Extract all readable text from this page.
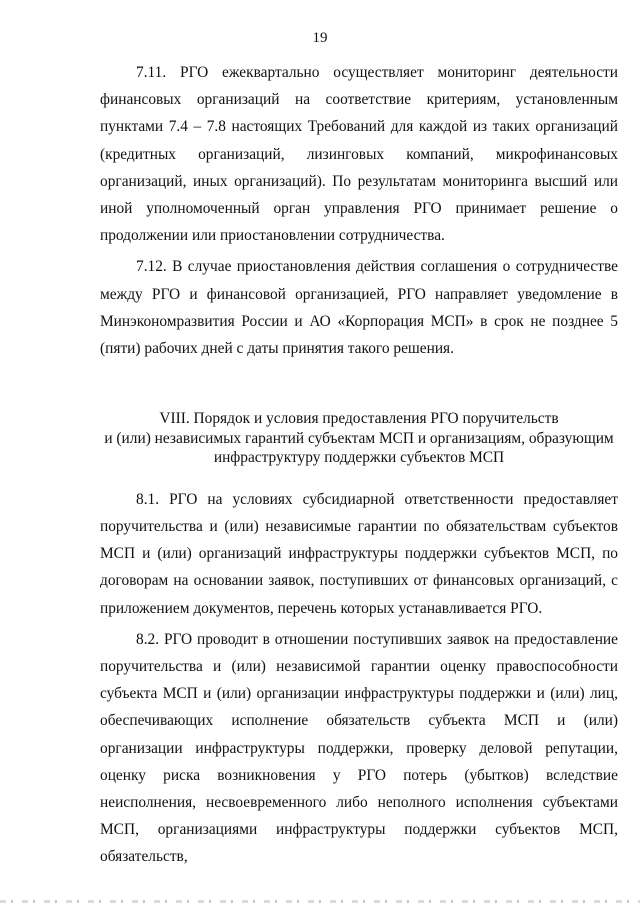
19

7.11. РГО ежеквартально осуществляет мониторинг деятельности финансовых организаций на соответствие критериям, установленным пунктами 7.4 – 7.8 настоящих Требований для каждой из таких организаций (кредитных организаций, лизинговых компаний, микрофинансовых организаций, иных организаций). По результатам мониторинга высший или иной уполномоченный орган управления РГО принимает решение о продолжении или приостановлении сотрудничества.

7.12. В случае приостановления действия соглашения о сотрудничестве между РГО и финансовой организацией, РГО направляет уведомление в Минэкономразвития России и АО «Корпорация МСП» в срок не позднее 5 (пяти) рабочих дней с даты принятия такого решения.

VIII. Порядок и условия предоставления РГО поручительств

и (или) независимых гарантий субъектам МСП и организациям, образующим

инфраструктуру поддержки субъектов МСП

8.1. РГО на условиях субсидиарной ответственности предоставляет поручительства и (или) независимые гарантии по обязательствам субъектов МСП и (или) организаций инфраструктуры поддержки субъектов МСП, по договорам на основании заявок, поступивших от финансовых организаций, с приложением документов, перечень которых устанавливается РГО.

8.2. РГО проводит в отношении поступивших заявок на предоставление поручительства и (или) независимой гарантии оценку правоспособности субъекта МСП и (или) организации инфраструктуры поддержки и (или) лиц, обеспечивающих исполнение обязательств субъекта МСП и (или) организации инфраструктуры поддержки, проверку деловой репутации, оценку риска возникновения у РГО потерь (убытков) вследствие неисполнения, несвоевременного либо неполного исполнения субъектами МСП, организациями инфраструктуры поддержки субъектов МСП, обязательств,
